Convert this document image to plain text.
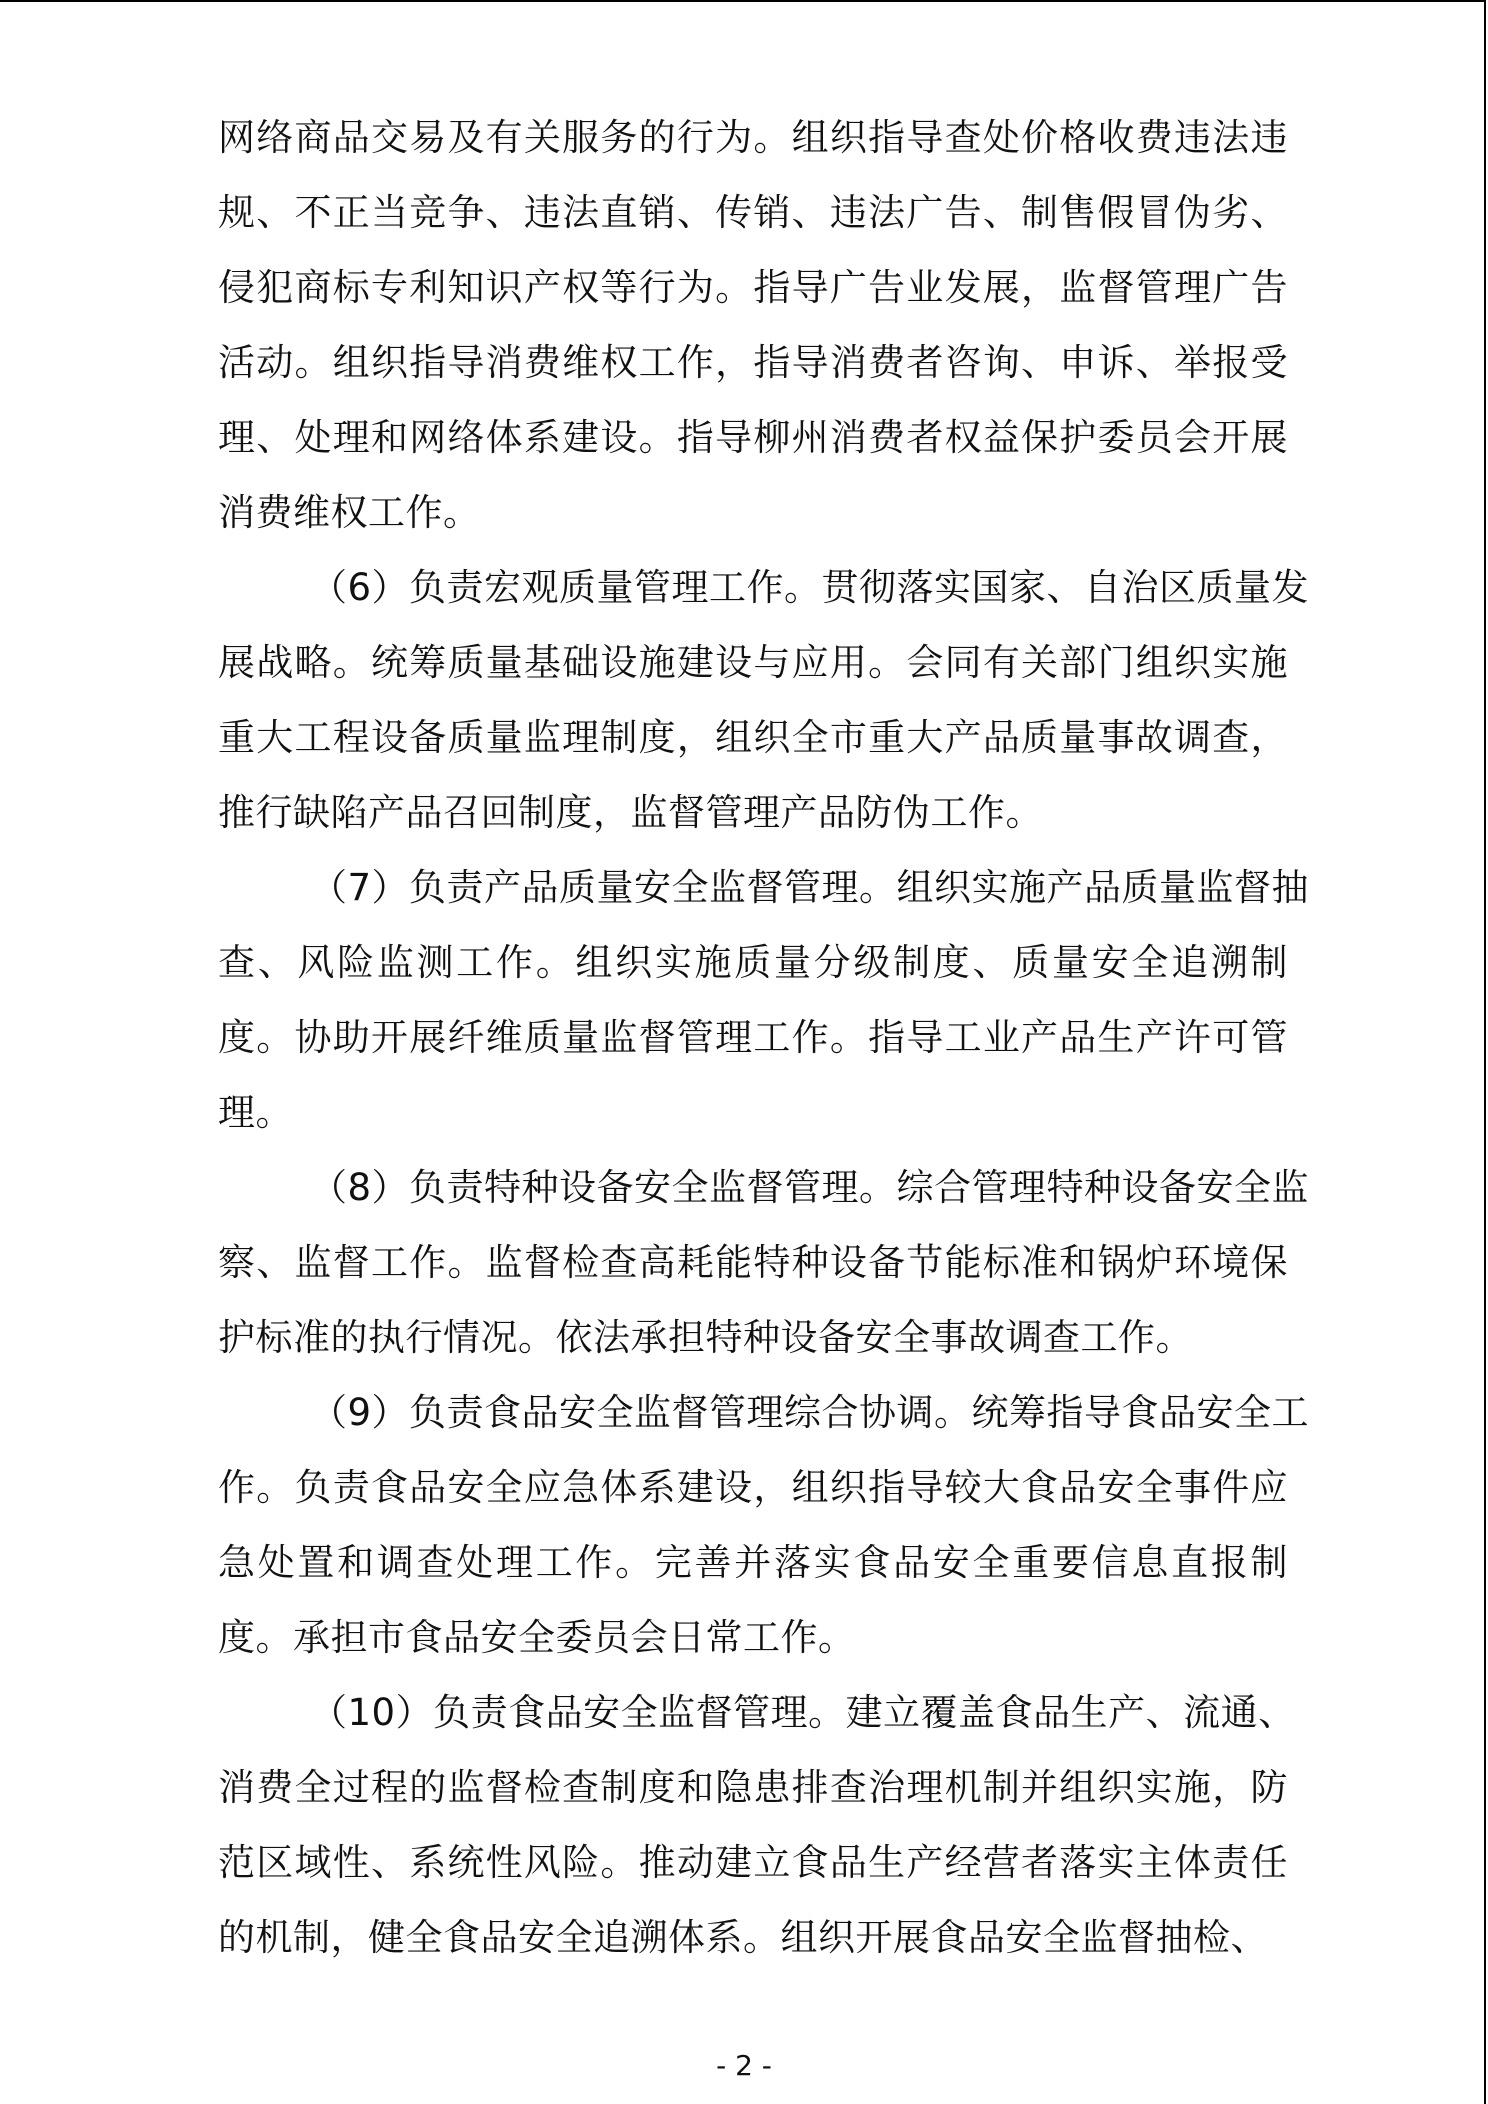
网络商品交易及有关服务的行为。组织指导查处价格收费违法违
规、不正当竞争、违法直销、传销、违法广告、制售假冒伪劣、
侵犯商标专利知识产权等行为。指导广告业发展，监督管理广告
活动。组织指导消费维权工作，指导消费者咨询、申诉、举报受
理、处理和网络体系建设。指导柳州消费者权益保护委员会开展
消费维权工作。
（6）负责宏观质量管理工作。贯彻落实国家、自治区质量发
展战略。统筹质量基础设施建设与应用。会同有关部门组织实施
重大工程设备质量监理制度，组织全市重大产品质量事故调查，
推行缺陷产品召回制度，监督管理产品防伪工作。
（7）负责产品质量安全监督管理。组织实施产品质量监督抽
查、风险监测工作。组织实施质量分级制度、质量安全追溯制
度。协助开展纤维质量监督管理工作。指导工业产品生产许可管
理。
（8）负责特种设备安全监督管理。综合管理特种设备安全监
察、监督工作。监督检查高耗能特种设备节能标准和锅炉环境保
护标准的执行情况。依法承担特种设备安全事故调查工作。
（9）负责食品安全监督管理综合协调。统筹指导食品安全工
作。负责食品安全应急体系建设，组织指导较大食品安全事件应
急处置和调查处理工作。完善并落实食品安全重要信息直报制
度。承担市食品安全委员会日常工作。
（10）负责食品安全监督管理。建立覆盖食品生产、流通、
消费全过程的监督检查制度和隐患排查治理机制并组织实施，防
范区域性、系统性风险。推动建立食品生产经营者落实主体责任
的机制，健全食品安全追溯体系。组织开展食品安全监督抽检、
- 2 -
